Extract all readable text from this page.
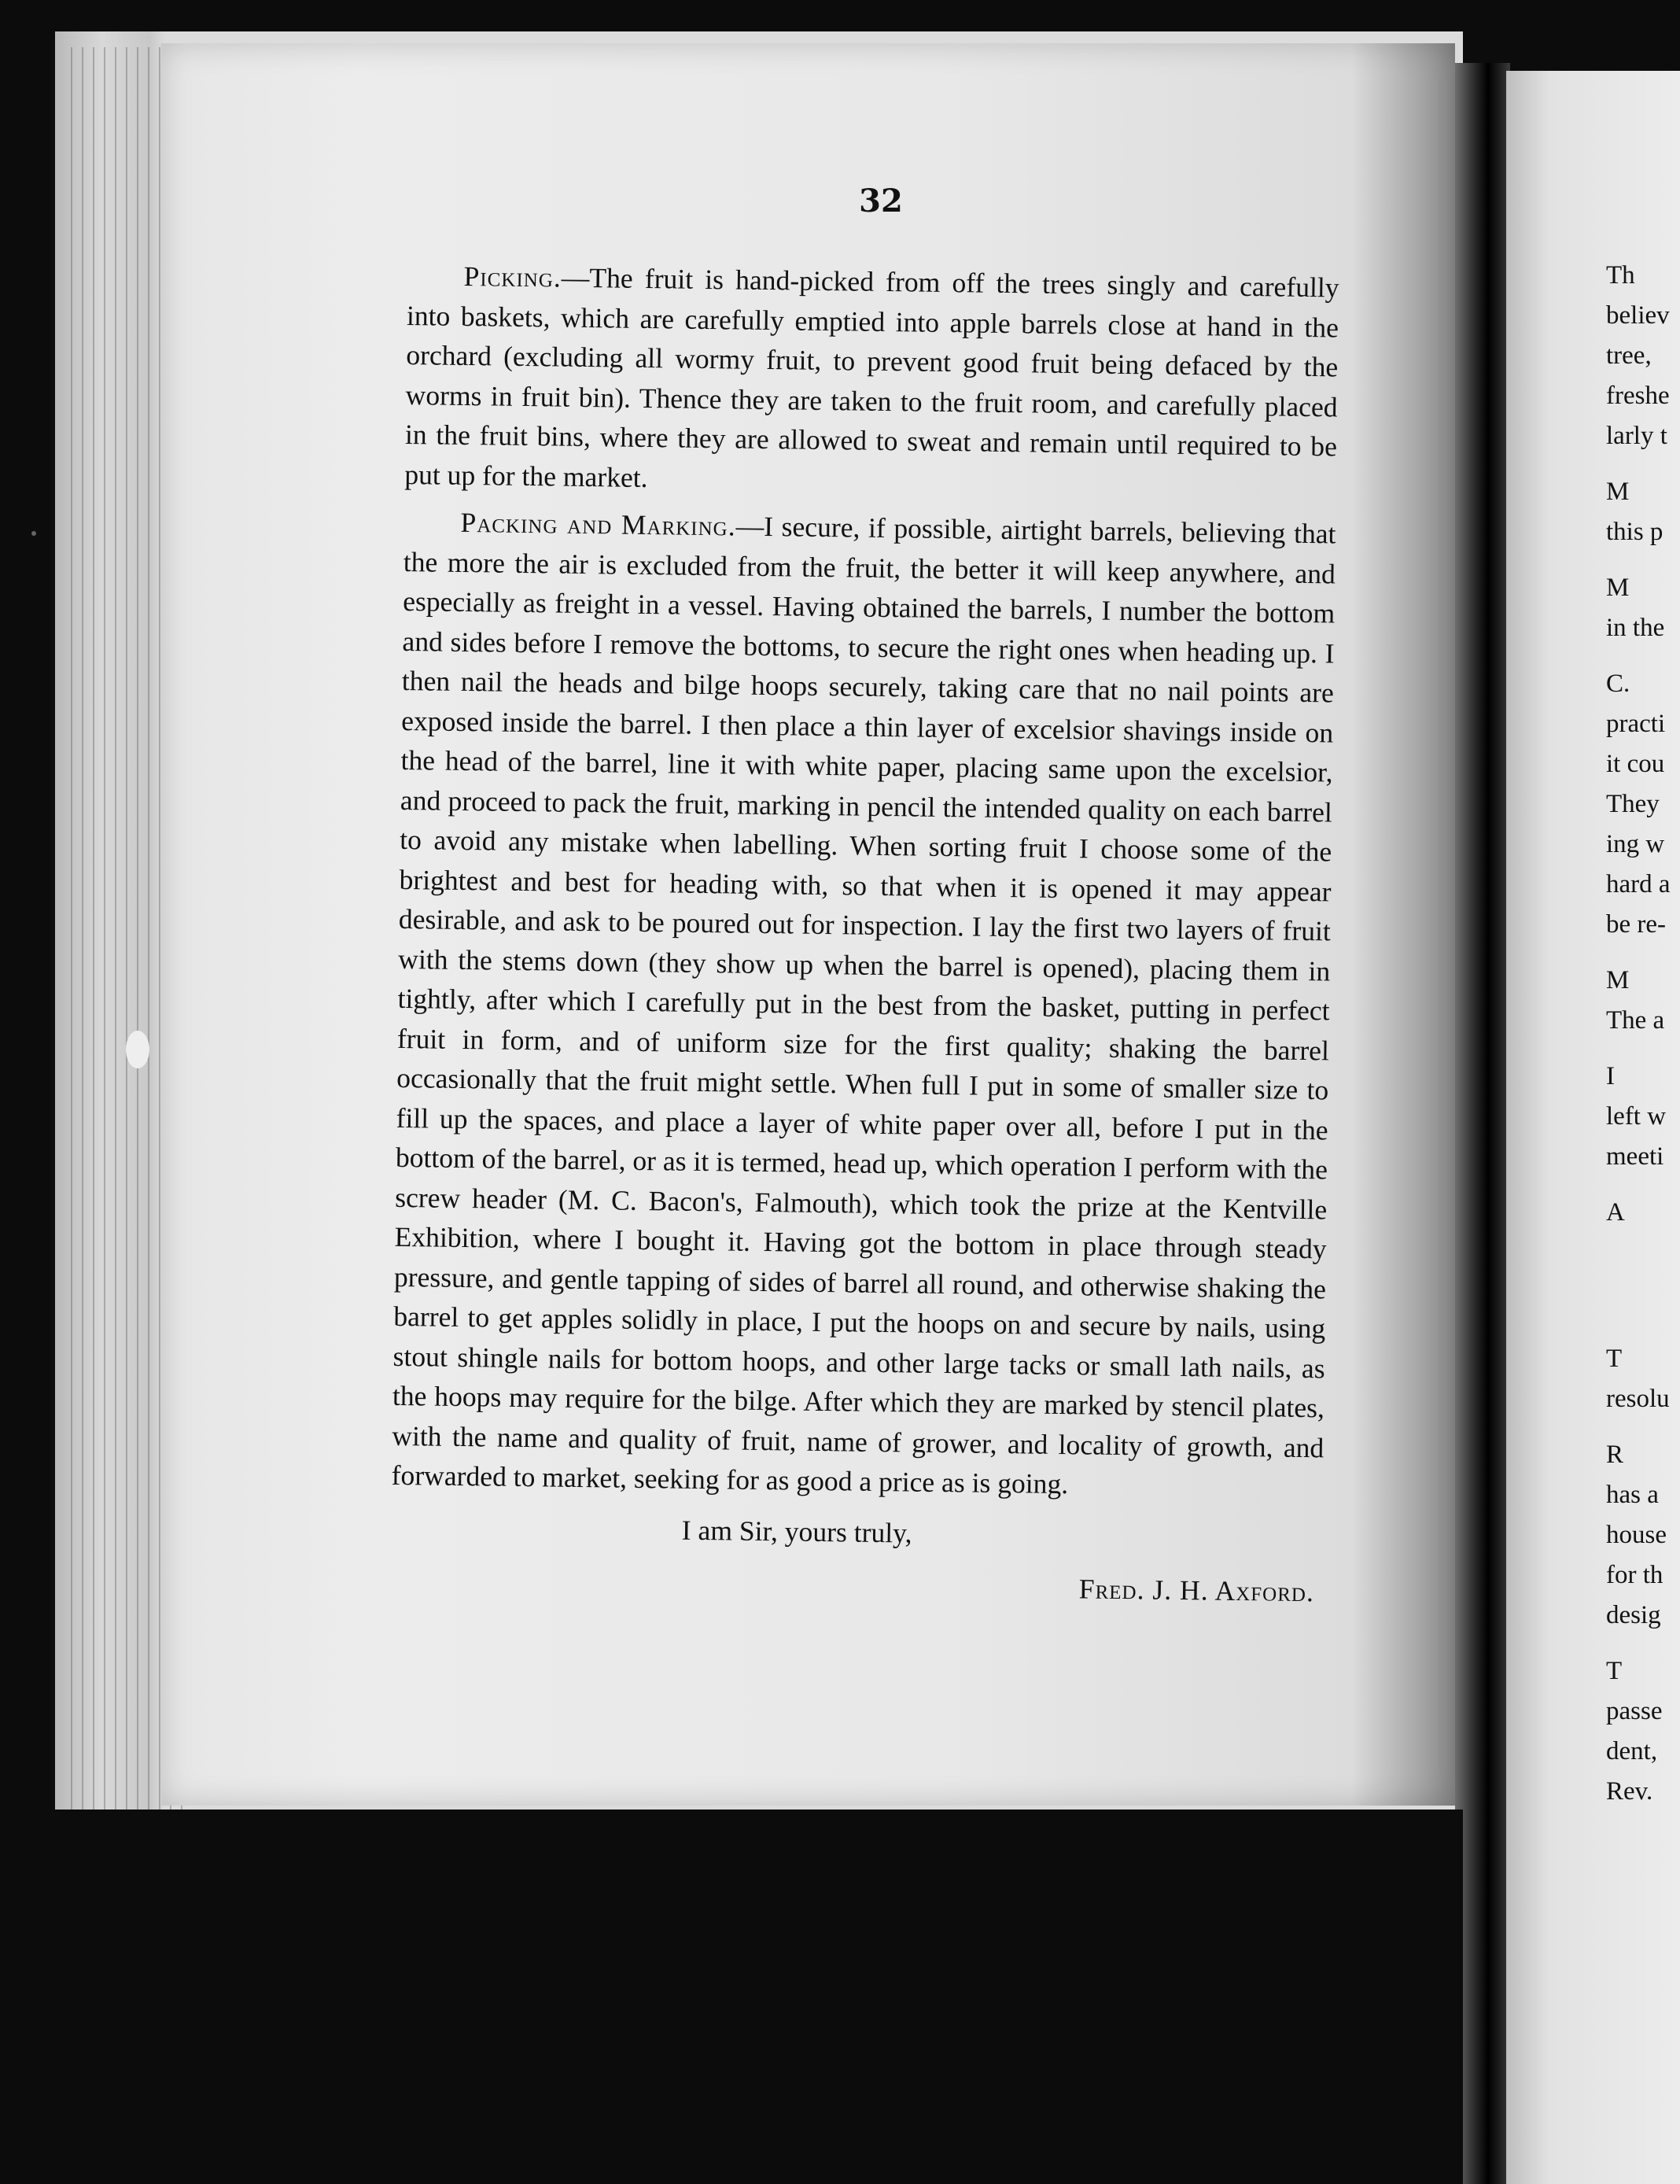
32

Picking.—The fruit is hand-picked from off the trees singly and carefully into baskets, which are carefully emptied into apple barrels close at hand in the orchard (excluding all wormy fruit, to prevent good fruit being defaced by the worms in fruit bin). Thence they are taken to the fruit room, and carefully placed in the fruit bins, where they are allowed to sweat and remain until required to be put up for the market.

Packing and Marking.—I secure, if possible, airtight barrels, believing that the more the air is excluded from the fruit, the better it will keep anywhere, and especially as freight in a vessel. Having obtained the barrels, I number the bottom and sides before I remove the bottoms, to secure the right ones when heading up. I then nail the heads and bilge hoops securely, taking care that no nail points are exposed inside the barrel. I then place a thin layer of excelsior shavings inside on the head of the barrel, line it with white paper, placing same upon the excelsior, and proceed to pack the fruit, marking in pencil the intended quality on each barrel to avoid any mistake when labelling. When sorting fruit I choose some of the brightest and best for heading with, so that when it is opened it may appear desirable, and ask to be poured out for inspection. I lay the first two layers of fruit with the stems down (they show up when the barrel is opened), placing them in tightly, after which I carefully put in the best from the basket, putting in perfect fruit in form, and of uniform size for the first quality; shaking the barrel occasionally that the fruit might settle. When full I put in some of smaller size to fill up the spaces, and place a layer of white paper over all, before I put in the bottom of the barrel, or as it is termed, head up, which operation I perform with the screw header (M. C. Bacon's, Falmouth), which took the prize at the Kentville Exhibition, where I bought it. Having got the bottom in place through steady pressure, and gentle tapping of sides of barrel all round, and otherwise shaking the barrel to get apples solidly in place, I put the hoops on and secure by nails, using stout shingle nails for bottom hoops, and other large tacks or small lath nails, as the hoops may require for the bilge. After which they are marked by stencil plates, with the name and quality of fruit, name of grower, and locality of growth, and forwarded to market, seeking for as good a price as is going.

I am Sir, yours truly,

Fred. J. H. Axford.

Th
believ
tree,
freshe
larly t
M
this p
M
in the
C.
practi
it cou
They
ing w
hard a
be re-
M
The a
I
left w
meeti
A
T
resolu
R
has a
house
for th
desig
T
passe
dent,
Rev.
